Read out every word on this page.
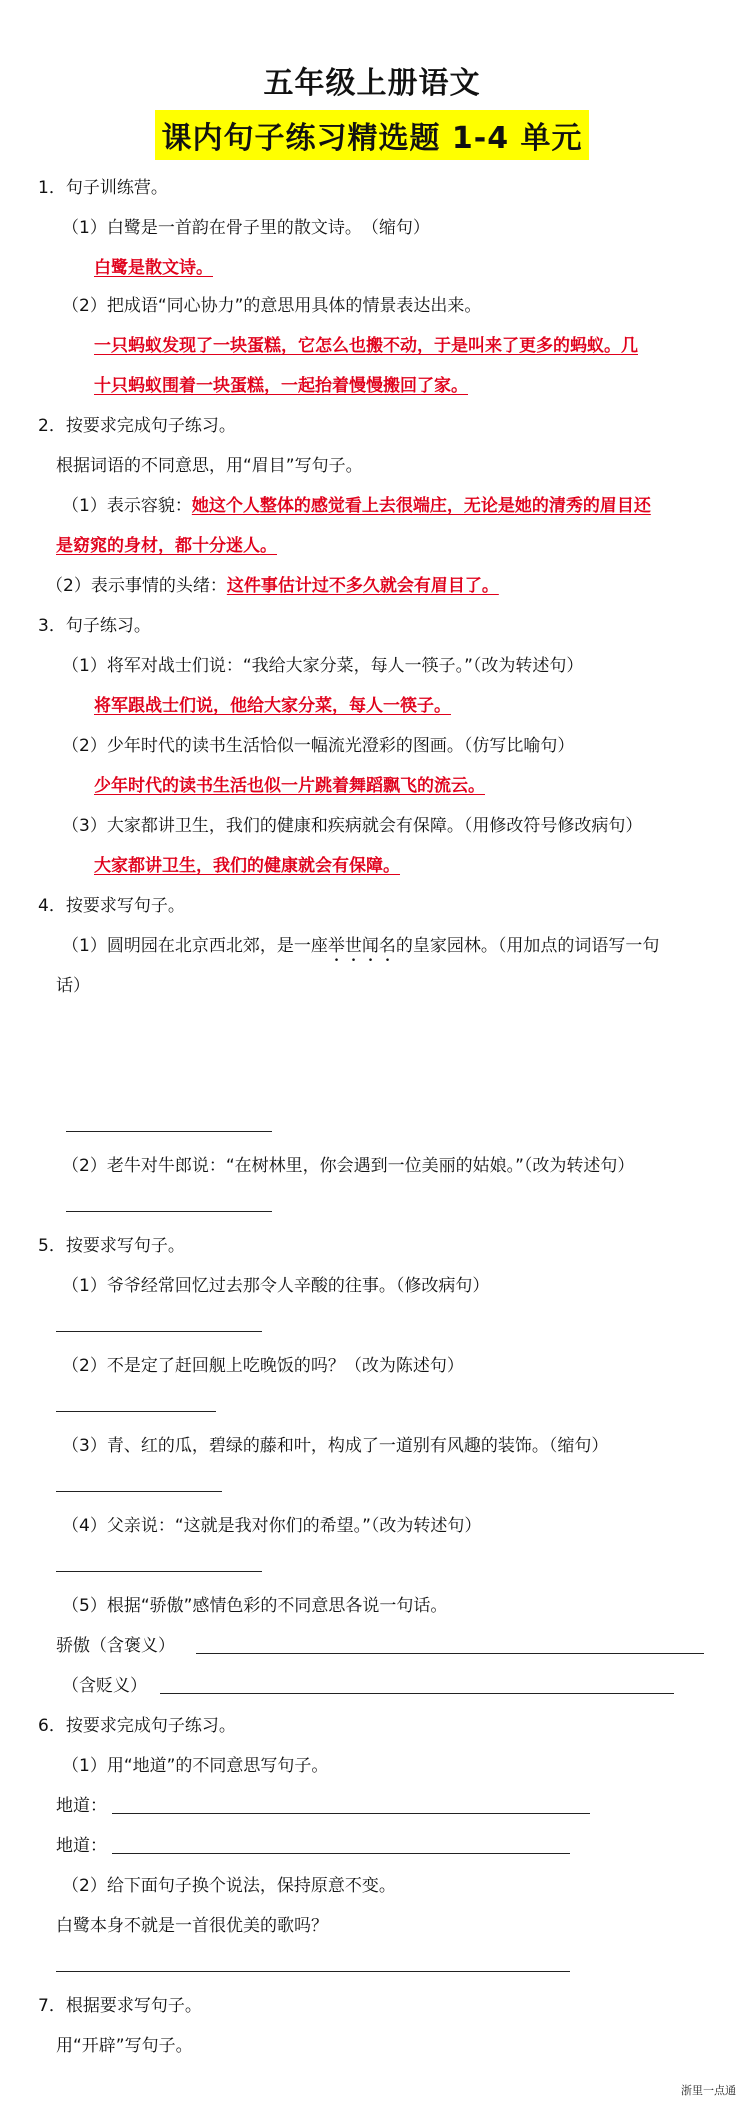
五年级上册语文
课内句子练习精选题 1-4 单元
1．句子训练营。
（1）白鹭是一首韵在骨子里的散文诗。　（缩句）
白鹭是散文诗。
（2）把成语“同心协力”的意思用具体的情景表达出来。
一只蚂蚁发现了一块蛋糕，它怎么也搬不动，于是叫来了更多的蚂蚁。几
十只蚂蚁围着一块蛋糕，一起抬着慢慢搬回了家。
2．按要求完成句子练习。
根据词语的不同意思，用“眉目”写句子。
（1）表示容貌：她这个人整体的感觉看上去很端庄，无论是她的清秀的眉目还
是窈窕的身材，都十分迷人。
（2）表示事情的头绪：这件事估计过不多久就会有眉目了。
3．句子练习。
（1）将军对战士们说：“我给大家分菜，每人一筷子。”（改为转述句）
将军跟战士们说，他给大家分菜，每人一筷子。
（2）少年时代的读书生活恰似一幅流光澄彩的图画。（仿写比喻句）
少年时代的读书生活也似一片跳着舞蹈飘飞的流云。
（3）大家都讲卫生，我们的健康和疾病就会有保障。（用修改符号修改病句）
大家都讲卫生，我们的健康就会有保障。
4．按要求写句子。
（1）圆明园在北京西北郊，是一座举世闻名的皇家园林。（用加点的词语写一句
话）
（2）老牛对牛郎说：“在树林里，你会遇到一位美丽的姑娘。”（改为转述句）
5．按要求写句子。
（1）爷爷经常回忆过去那令人辛酸的往事。（修改病句）
（2）不是定了赶回舰上吃晚饭的吗？（改为陈述句）
（3）青、红的瓜，碧绿的藤和叶，构成了一道别有风趣的装饰。（缩句）
（4）父亲说：“这就是我对你们的希望。”（改为转述句）
（5）根据“骄傲”感情色彩的不同意思各说一句话。
骄傲（含褒义）
（含贬义）
6．按要求完成句子练习。
（1）用“地道”的不同意思写句子。
地道：
地道：
（2）给下面句子换个说法，保持原意不变。
白鹭本身不就是一首很优美的歌吗？
7．根据要求写句子。
用“开辟”写句子。
浙里一点通
